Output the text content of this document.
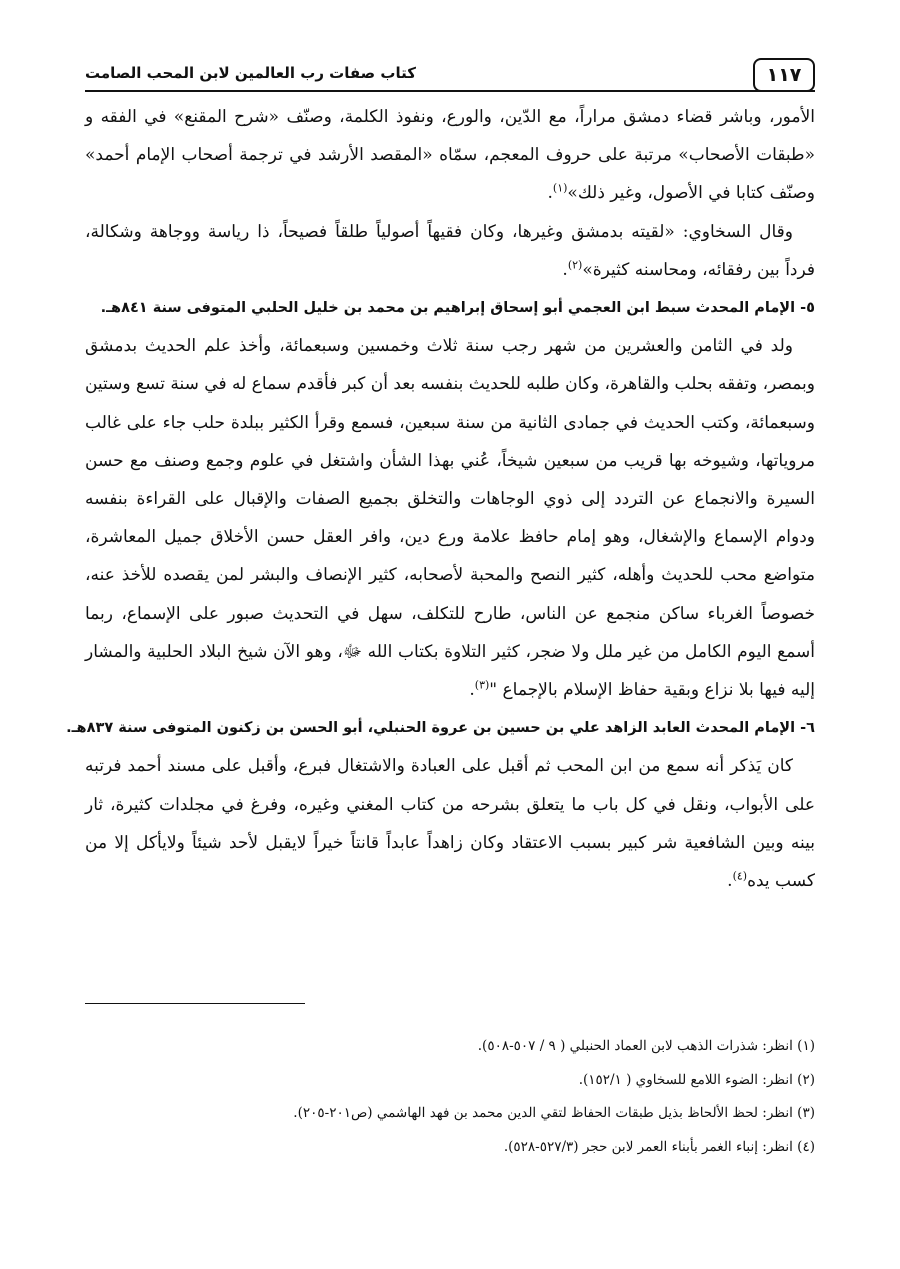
١١٧
كتاب صفات رب العالمين لابن المحب الصامت

الأمور، وباشر قضاء دمشق مراراً، مع الدّين، والورع، ونفوذ الكلمة، وصنّف «شرح المقنع» في الفقه و «طبقات الأصحاب» مرتبة على حروف المعجم، سمّاه «المقصد الأرشد في ترجمة أصحاب الإمام أحمد» وصنّف كتابا في الأصول، وغير ذلك»$^{(١)}$.

وقال السخاوي: «لقيته بدمشق وغيرها، وكان فقيهاً أصولياً طلقاً فصيحاً، ذا رياسة ووجاهة وشكالة، فرداً بين رفقائه، ومحاسنه كثيرة»$^{(٢)}$.

٥- الإمام المحدث سبط ابن العجمي أبو إسحاق إبراهيم بن محمد بن خليل الحلبي المتوفى سنة ٨٤١هـ.

ولد في الثامن والعشرين من شهر رجب سنة ثلاث وخمسين وسبعمائة، وأخذ علم الحديث بدمشق وبمصر، وتفقه بحلب والقاهرة، وكان طلبه للحديث بنفسه بعد أن كبر فأقدم سماع له في سنة تسع وستين وسبعمائة، وكتب الحديث في جمادى الثانية من سنة سبعين، فسمع وقرأ الكثير ببلدة حلب جاء على غالب مروياتها، وشيوخه بها قريب من سبعين شيخاً، عُني بهذا الشأن واشتغل في علوم وجمع وصنف مع حسن السيرة والانجماع عن التردد إلى ذوي الوجاهات والتخلق بجميع الصفات والإقبال على القراءة بنفسه ودوام الإسماع والإشغال، وهو إمام حافظ علامة ورع دين، وافر العقل حسن الأخلاق جميل المعاشرة، متواضع محب للحديث وأهله، كثير النصح والمحبة لأصحابه، كثير الإنصاف والبشر لمن يقصده للأخذ عنه، خصوصاً الغرباء ساكن منجمع عن الناس، طارح للتكلف، سهل في التحديث صبور على الإسماع، ربما أسمع اليوم الكامل من غير ملل ولا ضجر، كثير التلاوة بكتاب الله ﷻ، وهو الآن شيخ البلاد الحلبية والمشار إليه فيها بلا نزاع وبقية حفاظ الإسلام بالإجماع "$^{(٣)}$.

٦- الإمام المحدث العابد الزاهد علي بن حسين بن عروة الحنبلي، أبو الحسن بن زكنون المتوفى سنة ٨٣٧هـ.

كان يَذكر أنه سمع من ابن المحب ثم أقبل على العبادة والاشتغال فبرع، وأقبل على مسند أحمد فرتبه على الأبواب، ونقل في كل باب ما يتعلق بشرحه من كتاب المغني وغيره، وفرغ في مجلدات كثيرة، ثار بينه وبين الشافعية شر كبير بسبب الاعتقاد وكان زاهداً عابداً قانتاً خيراً لايقبل لأحد شيئاً ولايأكل إلا من كسب يده$^{(٤)}$.

(١) انظر: شذرات الذهب لابن العماد الحنبلي ( ٩ / ٥٠٧-٥٠٨).

(٢) انظر: الضوء اللامع للسخاوي ( ١٥٢/١).

(٣) انظر: لحظ الألحاظ بذيل طبقات الحفاظ لتقي الدين محمد بن فهد الهاشمي (ص٢٠١-٢٠٥).

(٤) انظر: إنباء الغمر بأبناء العمر لابن حجر (٥٢٧/٣-٥٢٨).
